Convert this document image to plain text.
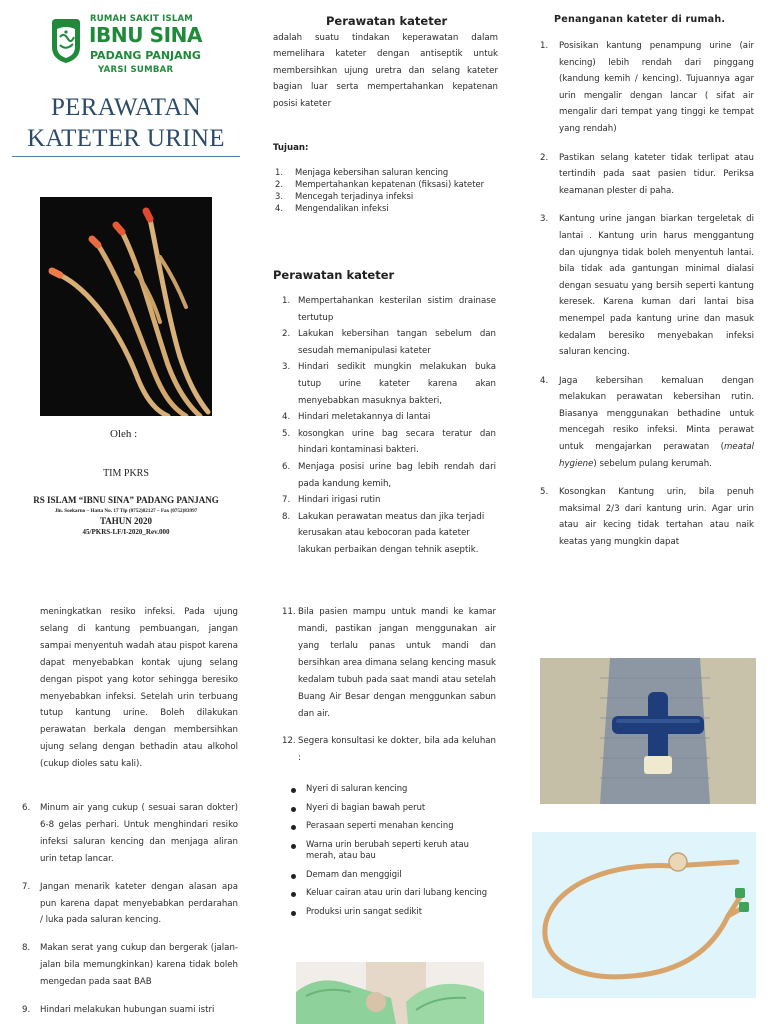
RUMAH SAKIT ISLAM
IBNU SINA
PADANG PANJANG
YARSI SUMBAR
PERAWATAN
KATETER URINE
Oleh :
TIM PKRS
RS ISLAM “IBNU SINA” PADANG PANJANG
Jln. Soekarno – Hatta No. 17 Tlp (0752)82127 – Fax (0752)83997
TAHUN 2020
45/PKRS-LF/I-2020_Rev.000
Perawatan kateter

adalah suatu tindakan keperawatan dalam memelihara kateter dengan antiseptik untuk membersihkan ujung uretra dan selang kateter bagian luar serta mempertahankan kepatenan posisi kateter

Tujuan:
1. Menjaga kebersihan saluran kencing
2. Mempertahankan kepatenan (fiksasi) kateter
3. Mencegah terjadinya infeksi
4. Mengendalikan infeksi
Perawatan kateter
1. Mempertahankan kesterilan sistim drainase tertutup
2. Lakukan kebersihan tangan sebelum dan sesudah memanipulasi kateter
3. Hindari sedikit mungkin melakukan buka tutup urine kateter karena akan menyebabkan masuknya bakteri,
4. Hindari meletakannya di lantai
5. kosongkan urine bag secara teratur dan hindari kontaminasi bakteri.
6. Menjaga posisi urine bag lebih rendah dari pada kandung kemih,
7. Hindari irigasi rutin
8. Lakukan perawatan meatus dan jika terjadi kerusakan atau kebocoran pada kateter lakukan perbaikan dengan tehnik aseptik.
Penanganan kateter di rumah.
1. Posisikan kantung penampung urine (air kencing) lebih rendah dari pinggang (kandung kemih / kencing). Tujuannya agar urin mengalir dengan lancar ( sifat air mengalir dari tempat yang tinggi ke tempat yang rendah)
2. Pastikan selang kateter tidak terlipat atau tertindih pada saat pasien tidur. Periksa keamanan plester di paha.
3. Kantung urine jangan biarkan tergeletak di lantai . Kantung urin harus menggantung dan ujungnya tidak boleh menyentuh lantai. bila tidak ada gantungan minimal dialasi dengan sesuatu yang bersih seperti kantung keresek. Karena kuman dari lantai bisa menempel pada kantung urine dan masuk kedalam beresiko menyebakan infeksi saluran kencing.
4. Jaga kebersihan kemaluan dengan melakukan perawatan kebersihan rutin. Biasanya menggunakan bethadine untuk mencegah resiko infeksi. Minta perawat untuk mengajarkan perawatan (meatal hygiene) sebelum pulang kerumah.
5. Kosongkan Kantung urin, bila penuh maksimal 2/3 dari kantung urin. Agar urin atau air kecing tidak tertahan atau naik keatas yang mungkin dapat

meningkatkan resiko infeksi. Pada ujung selang di kantung pembuangan, jangan sampai menyentuh wadah atau pispot karena dapat menyebabkan kontak ujung selang dengan pispot yang kotor sehingga beresiko menyebabkan infeksi. Setelah urin terbuang tutup kantung urine. Boleh dilakukan perawatan berkala dengan membersihkan ujung selang dengan bethadin atau alkohol (cukup dioles satu kali).

6. Minum air yang cukup ( sesuai saran dokter) 6-8 gelas perhari. Untuk menghindari resiko infeksi saluran kencing dan menjaga aliran urin tetap lancar.
7. Jangan menarik kateter dengan alasan apa pun karena dapat menyebabkan perdarahan / luka pada saluran kencing.
8. Makan serat yang cukup dan bergerak (jalan-jalan bila memungkinkan) karena tidak boleh mengedan pada saat BAB
9. Hindari melakukan hubungan suami istri
11. Bila pasien mampu untuk mandi ke kamar mandi, pastikan jangan menggunakan air yang terlalu panas untuk mandi dan bersihkan area dimana selang kencing masuk kedalam tubuh pada saat mandi atau setelah Buang Air Besar dengan menggunkan sabun dan air.
12. Segera konsultasi ke dokter, bila ada keluhan :
Nyeri di saluran kencing
Nyeri di bagian bawah perut
Perasaan seperti menahan kencing
Warna urin berubah seperti keruh atau merah, atau bau
Demam dan menggigil
Keluar cairan atau urin dari lubang kencing
Produksi urin sangat sedikit
